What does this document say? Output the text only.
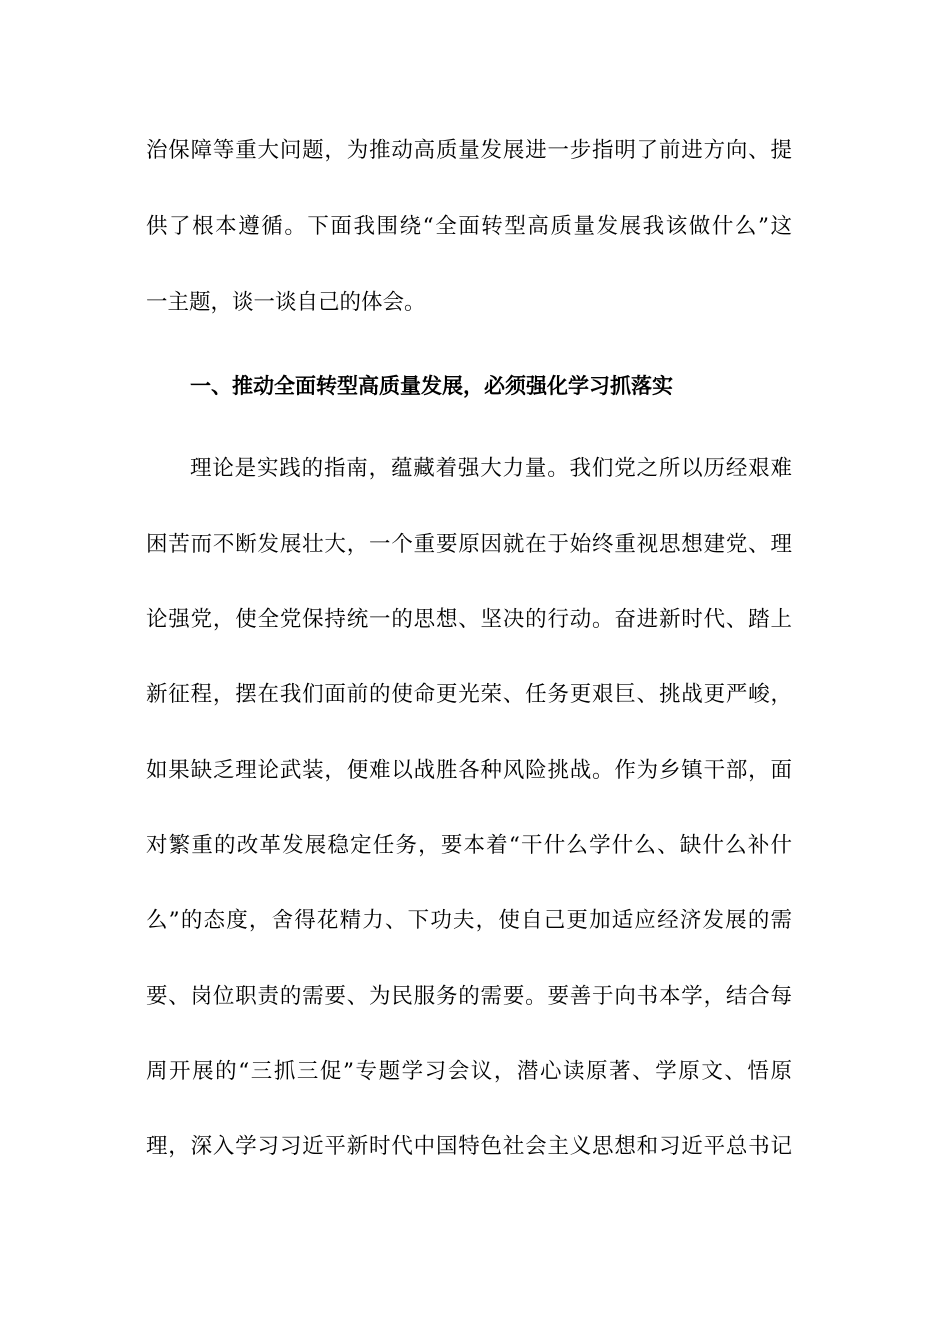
治保障等重大问题，为推动高质量发展进一步指明了前进方向、提
供了根本遵循。下面我围绕“全面转型高质量发展我该做什么”这
一主题，谈一谈自己的体会。
一、推动全面转型高质量发展，必须强化学习抓落实
理论是实践的指南，蕴藏着强大力量。我们党之所以历经艰难
困苦而不断发展壮大，一个重要原因就在于始终重视思想建党、理
论强党，使全党保持统一的思想、坚决的行动。奋进新时代、踏上
新征程，摆在我们面前的使命更光荣、任务更艰巨、挑战更严峻，
如果缺乏理论武装，便难以战胜各种风险挑战。作为乡镇干部，面
对繁重的改革发展稳定任务，要本着“干什么学什么、缺什么补什
么”的态度，舍得花精力、下功夫，使自己更加适应经济发展的需
要、岗位职责的需要、为民服务的需要。要善于向书本学，结合每
周开展的“三抓三促”专题学习会议，潜心读原著、学原文、悟原
理，深入学习习近平新时代中国特色社会主义思想和习近平总书记
